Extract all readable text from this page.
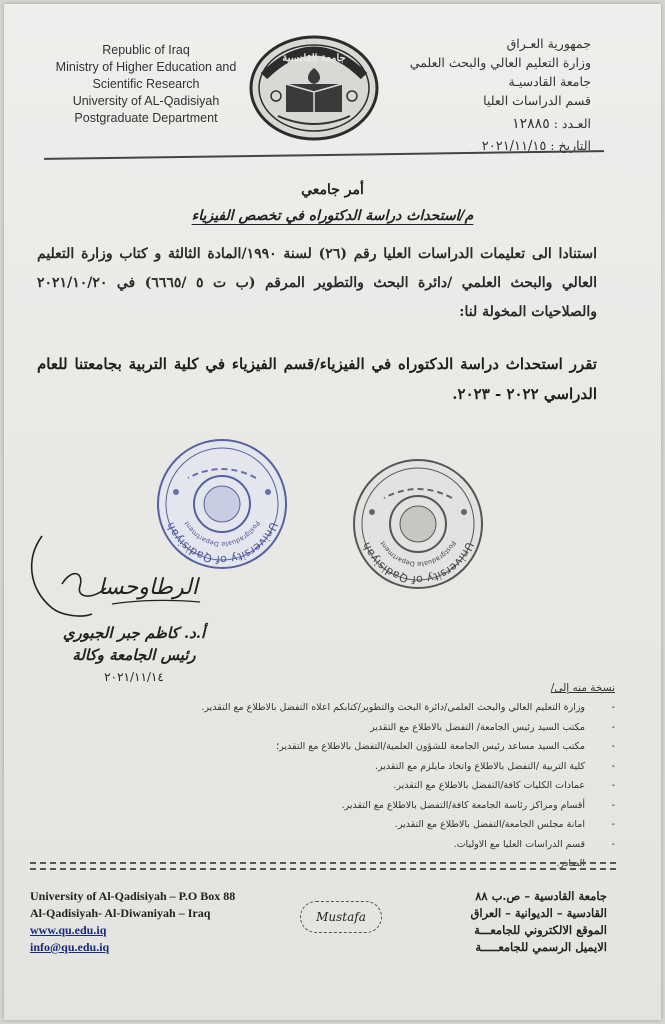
Republic of Iraq
Ministry of Higher Education and
Scientific Research
University of AL-Qadisiyah
Postgraduate Department
جامعة القادسية
جمهورية العـراق
وزارة التعليم العالي والبحث العلمي
جامعة القادسيـة
قسم الدراسات العليا
العـدد : ١٢٨٨٥
التاريخ : ٢٠٢١/١١/١٥
أمر جامعي
م/استحداث دراسة الدكتوراه في تخصص الفيزياء
استنادا الى تعليمات الدراسات العليا رقم (٢٦) لسنة ١٩٩٠/المادة الثالثة و كتاب وزارة التعليم العالي والبحث العلمي /دائرة البحث والتطوير المرقم (ب ت ٥ /٦٦٦٥) في ٢٠٢١/١٠/٢٠ والصلاحيات المخولة لنا:
تقرر استحداث دراسة الدكتوراه في الفيزياء/قسم الفيزياء في كلية التربية بجامعتنا للعام الدراسي ٢٠٢٢ - ٢٠٢٣.
University of Qadisiyah	Postgraduate Department
University of Qadisiyah	Postgraduate Department
الرطاوحسا
أ.د. كاظم جبر الجبوري
رئيس الجامعة وكالة
٢٠٢١/١١/١٤
نسخة منه إلى/
- وزارة التعليم العالي والبحث العلمي/دائرة البحث والتطوير/كتابكم اعلاه التفضل بالاطلاع مع التقدير.
- مكتب السيد رئيس الجامعة/ التفضل بالاطلاع مع التقدير
- مكتب السيد مساعد رئيس الجامعة للشؤون العلمية/التفضل بالاطلاع مع التقدير؛
- كلية التربية /التفضل بالاطلاع واتخاذ مايلزم مع التقدير.
- عمادات الكليات كافة/التفضل بالاطلاع مع التقدير.
- أقسام ومراكز رئاسة الجامعة كافة/التفضل بالاطلاع مع التقدير.
- امانة مجلس الجامعة/التفضل بالاطلاع مع التقدير.
- قسم الدراسات العليا مع الاوليات.
- الصادر.
University of Al-Qadisiyah – P.O Box 88
Al-Qadisiyah- Al-Diwaniyah – Iraq
www.qu.edu.iq
info@qu.edu.iq
Mustafa
جامعة القادسية – ص.ب ٨٨
القادسية – الديوانية – العراق
الموقع الالكتروني للجامعـــة
الايميل الرسمي للجامعـــــة
